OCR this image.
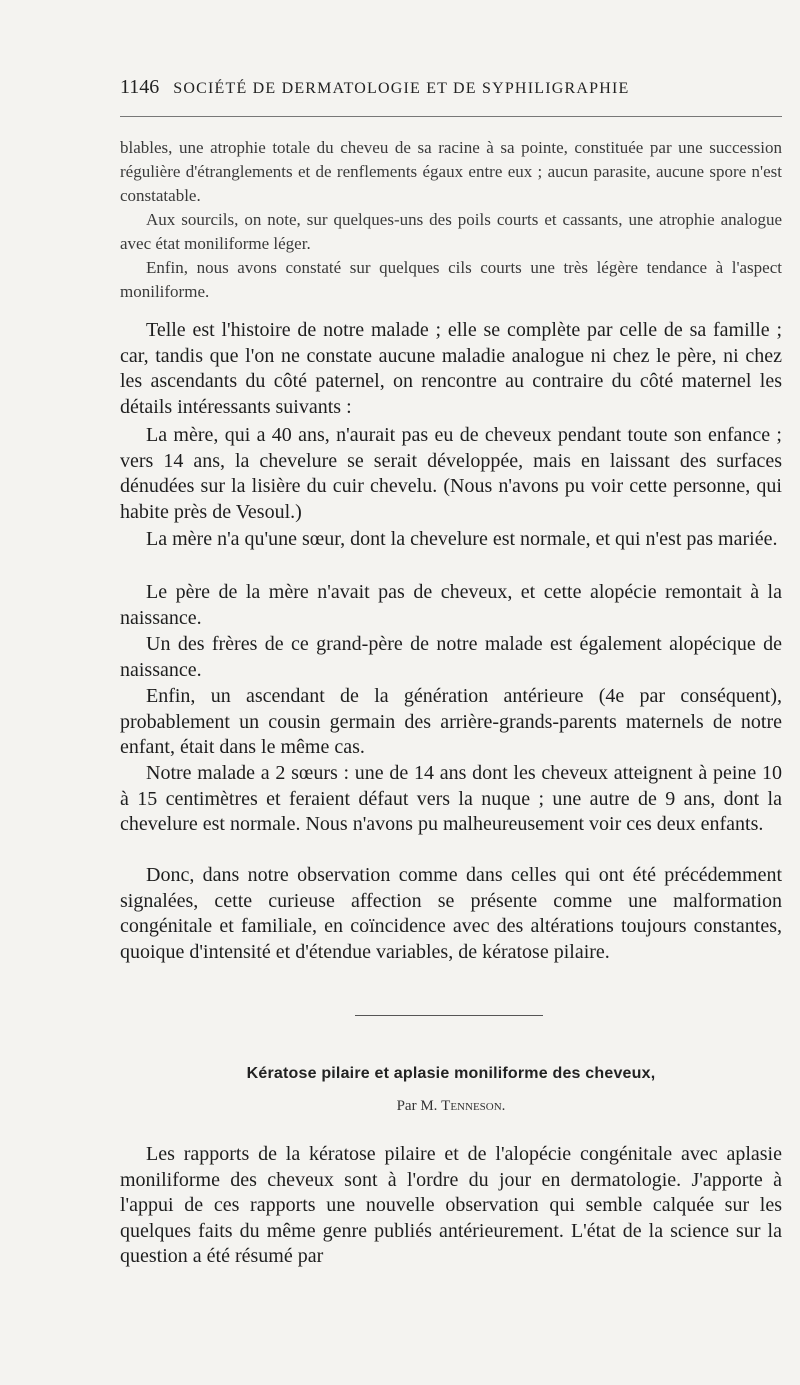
1146 SOCIÉTÉ DE DERMATOLOGIE ET DE SYPHILIGRAPHIE

blables, une atrophie totale du cheveu de sa racine à sa pointe, constituée par une succession régulière d'étranglements et de renflements égaux entre eux ; aucun parasite, aucune spore n'est constatable.

Aux sourcils, on note, sur quelques-uns des poils courts et cassants, une atrophie analogue avec état moniliforme léger.

Enfin, nous avons constaté sur quelques cils courts une très légère tendance à l'aspect moniliforme.

Telle est l'histoire de notre malade ; elle se complète par celle de sa famille ; car, tandis que l'on ne constate aucune maladie analogue ni chez le père, ni chez les ascendants du côté paternel, on rencontre au contraire du côté maternel les détails intéressants suivants :

La mère, qui a 40 ans, n'aurait pas eu de cheveux pendant toute son enfance ; vers 14 ans, la chevelure se serait développée, mais en laissant des surfaces dénudées sur la lisière du cuir chevelu. (Nous n'avons pu voir cette personne, qui habite près de Vesoul.)

La mère n'a qu'une sœur, dont la chevelure est normale, et qui n'est pas mariée.

Le père de la mère n'avait pas de cheveux, et cette alopécie remontait à la naissance.

Un des frères de ce grand-père de notre malade est également alopécique de naissance.

Enfin, un ascendant de la génération antérieure (4e par conséquent), probablement un cousin germain des arrière-grands-parents maternels de notre enfant, était dans le même cas.

Notre malade a 2 sœurs : une de 14 ans dont les cheveux atteignent à peine 10 à 15 centimètres et feraient défaut vers la nuque ; une autre de 9 ans, dont la chevelure est normale. Nous n'avons pu malheureusement voir ces deux enfants.

Donc, dans notre observation comme dans celles qui ont été précédemment signalées, cette curieuse affection se présente comme une malformation congénitale et familiale, en coïncidence avec des altérations toujours constantes, quoique d'intensité et d'étendue variables, de kératose pilaire.

Kératose pilaire et aplasie moniliforme des cheveux,

Par M. Tenneson.

Les rapports de la kératose pilaire et de l'alopécie congénitale avec aplasie moniliforme des cheveux sont à l'ordre du jour en dermatologie. J'apporte à l'appui de ces rapports une nouvelle observation qui semble calquée sur les quelques faits du même genre publiés antérieurement. L'état de la science sur la question a été résumé par
